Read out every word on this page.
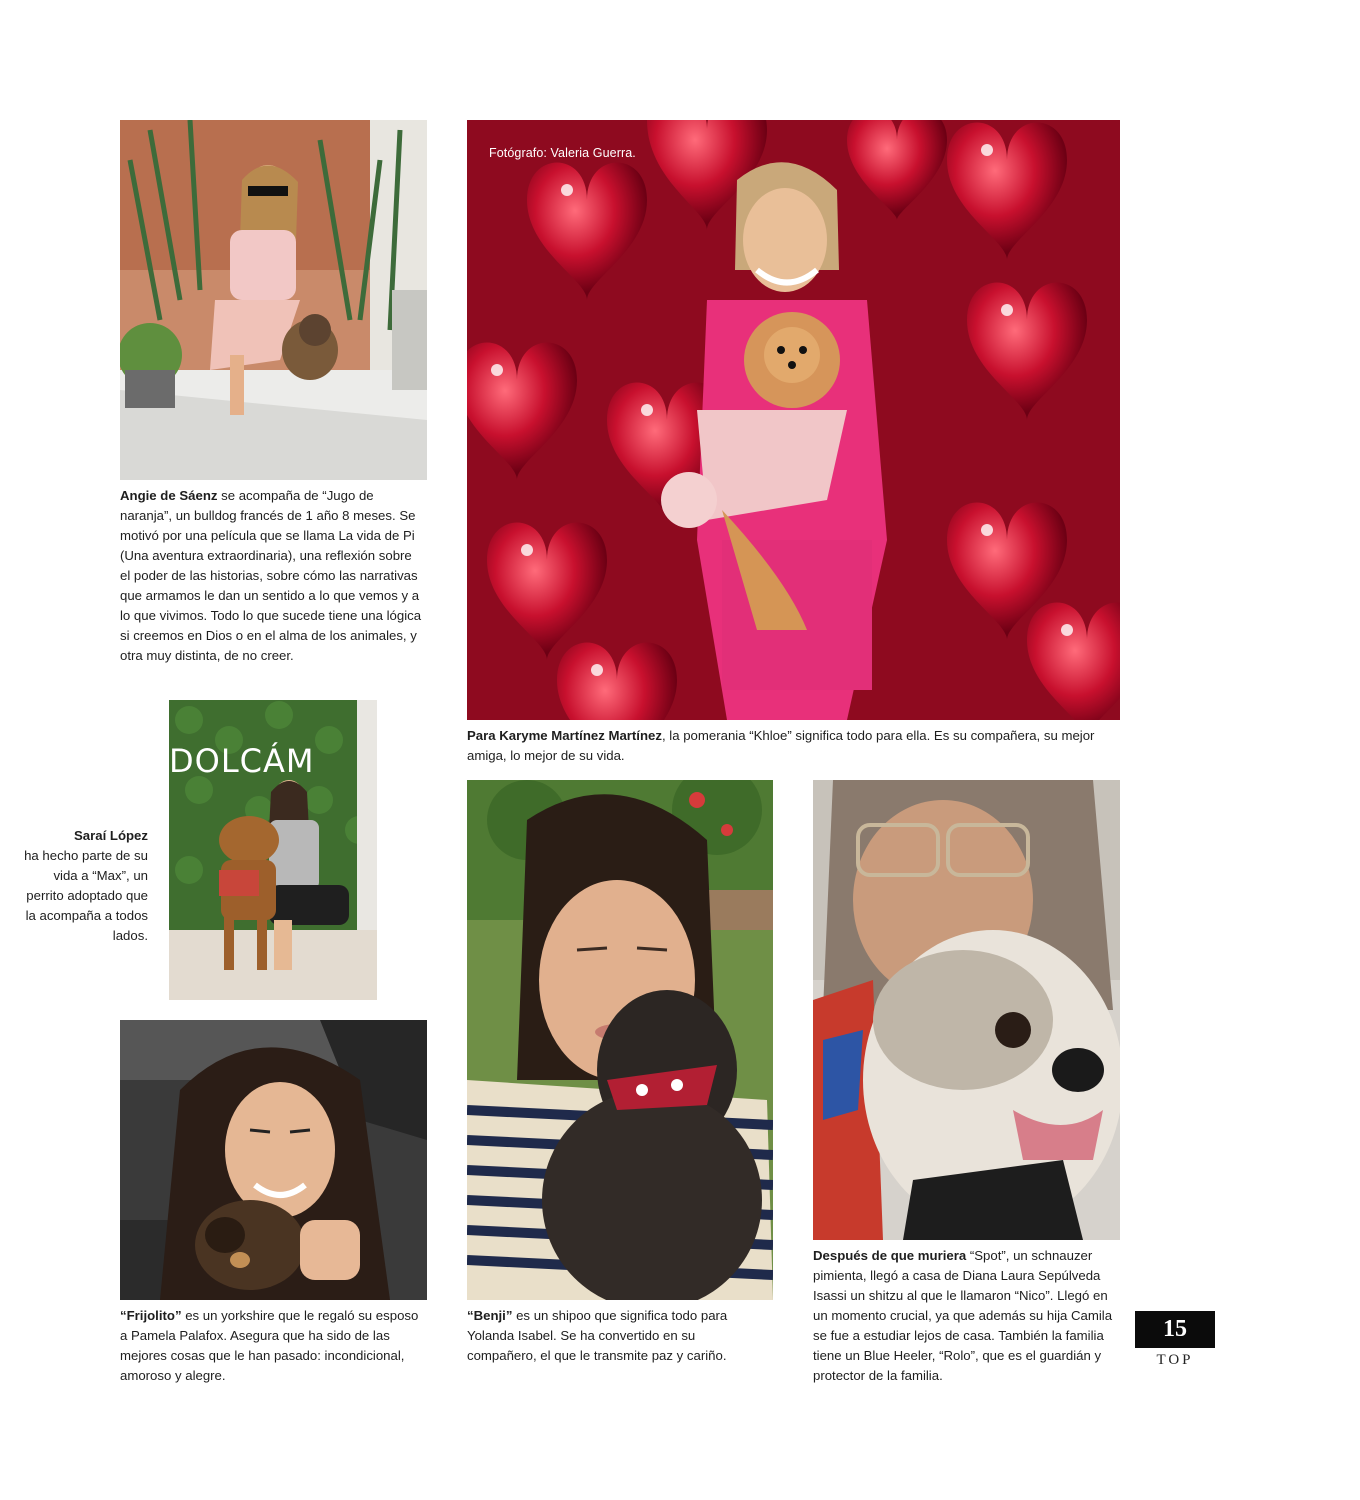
Angie de Sáenz se acompaña de “Jugo de naranja”, un bulldog francés de 1 año 8 meses. Se motivó por una película que se llama La vida de Pi (Una aventura extraordinaria), una reflexión sobre el poder de las historias, sobre cómo las narrativas que armamos le dan un sentido a lo que vemos y a lo que vivimos. Todo lo que sucede tiene una lógica si creemos en Dios o en el alma de los animales, y otra muy distinta, de no creer.
Fotógrafo: Valeria Guerra.
Para Karyme Martínez Martínez, la pomerania “Khloe” significa todo para ella. Es su compañera, su mejor amiga, lo mejor de su vida.
DOLCÁM
Saraí López
ha hecho parte de su vida a “Max”, un perrito adoptado que la acompaña a todos lados.
“Frijolito” es un yorkshire que le regaló su esposo a Pamela Palafox. Asegura que ha sido de las mejores cosas que le han pasado: incondicional, amoroso y alegre.
“Benji” es un shipoo que significa todo para Yolanda Isabel. Se ha convertido en su compañero, el que le transmite paz y cariño.
Después de que muriera “Spot”, un schnauzer pimienta, llegó a casa de Diana Laura Sepúlveda Isassi un shitzu al que le llamaron “Nico”. Llegó en un momento crucial, ya que además su hija Camila se fue a estudiar lejos de casa. También la familia tiene un Blue Heeler, “Rolo”, que es el guardián y protector de la familia.
15
TOP
